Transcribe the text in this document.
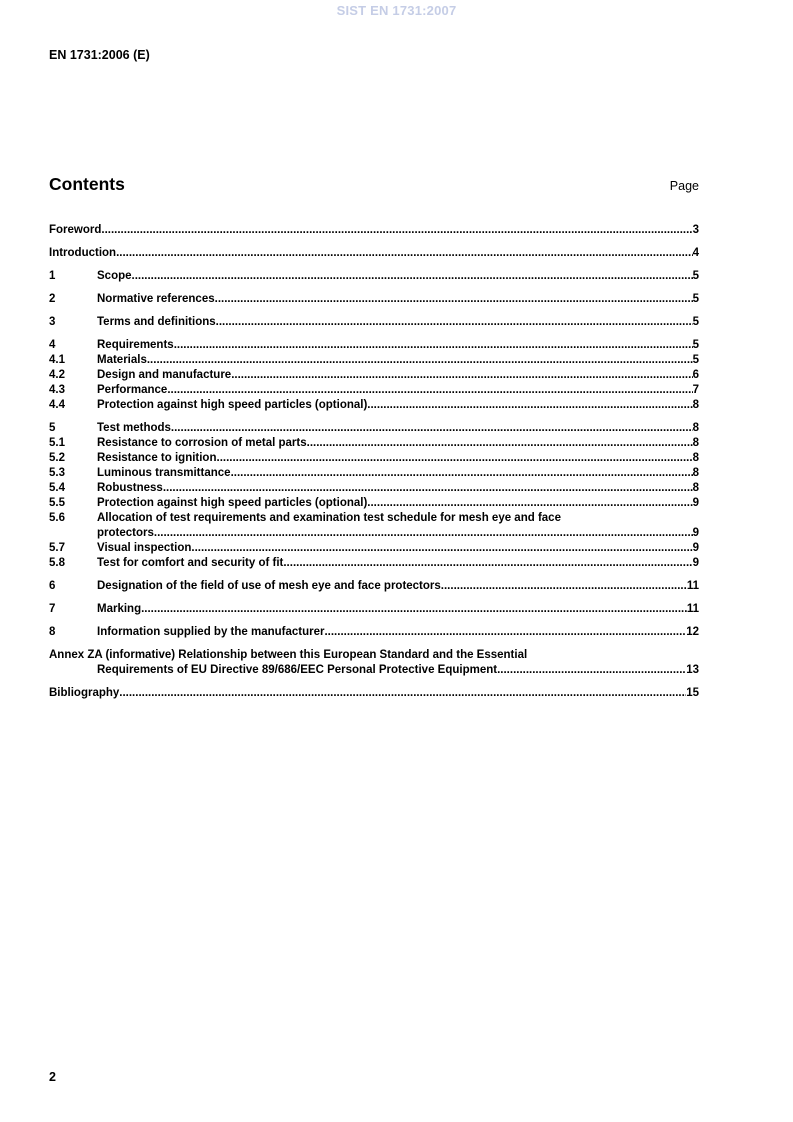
SIST EN 1731:2007
EN 1731:2006 (E)
Contents	Page
Foreword .....	3
Introduction .....	4
1	Scope .....	5
2	Normative references .....	5
3	Terms and definitions .....	5
4	Requirements .....	5
4.1	Materials .....	5
4.2	Design and manufacture .....	6
4.3	Performance .....	7
4.4	Protection against high speed particles (optional) .....	8
5	Test methods .....	8
5.1	Resistance to corrosion of metal parts .....	8
5.2	Resistance to ignition .....	8
5.3	Luminous transmittance .....	8
5.4	Robustness .....	8
5.5	Protection against high speed particles (optional) .....	9
5.6	Allocation of test requirements and examination test schedule for mesh eye and face
protectors .....	9
5.7	Visual inspection .....	9
5.8	Test for comfort and security of fit .....	9
6	Designation of the field of use of mesh eye and face protectors .....	11
7	Marking .....	11
8	Information supplied by the manufacturer .....	12
Annex ZA (informative) Relationship between this European Standard and the Essential
Requirements of EU Directive 89/686/EEC Personal Protective Equipment .....	13
Bibliography .....	15
2
